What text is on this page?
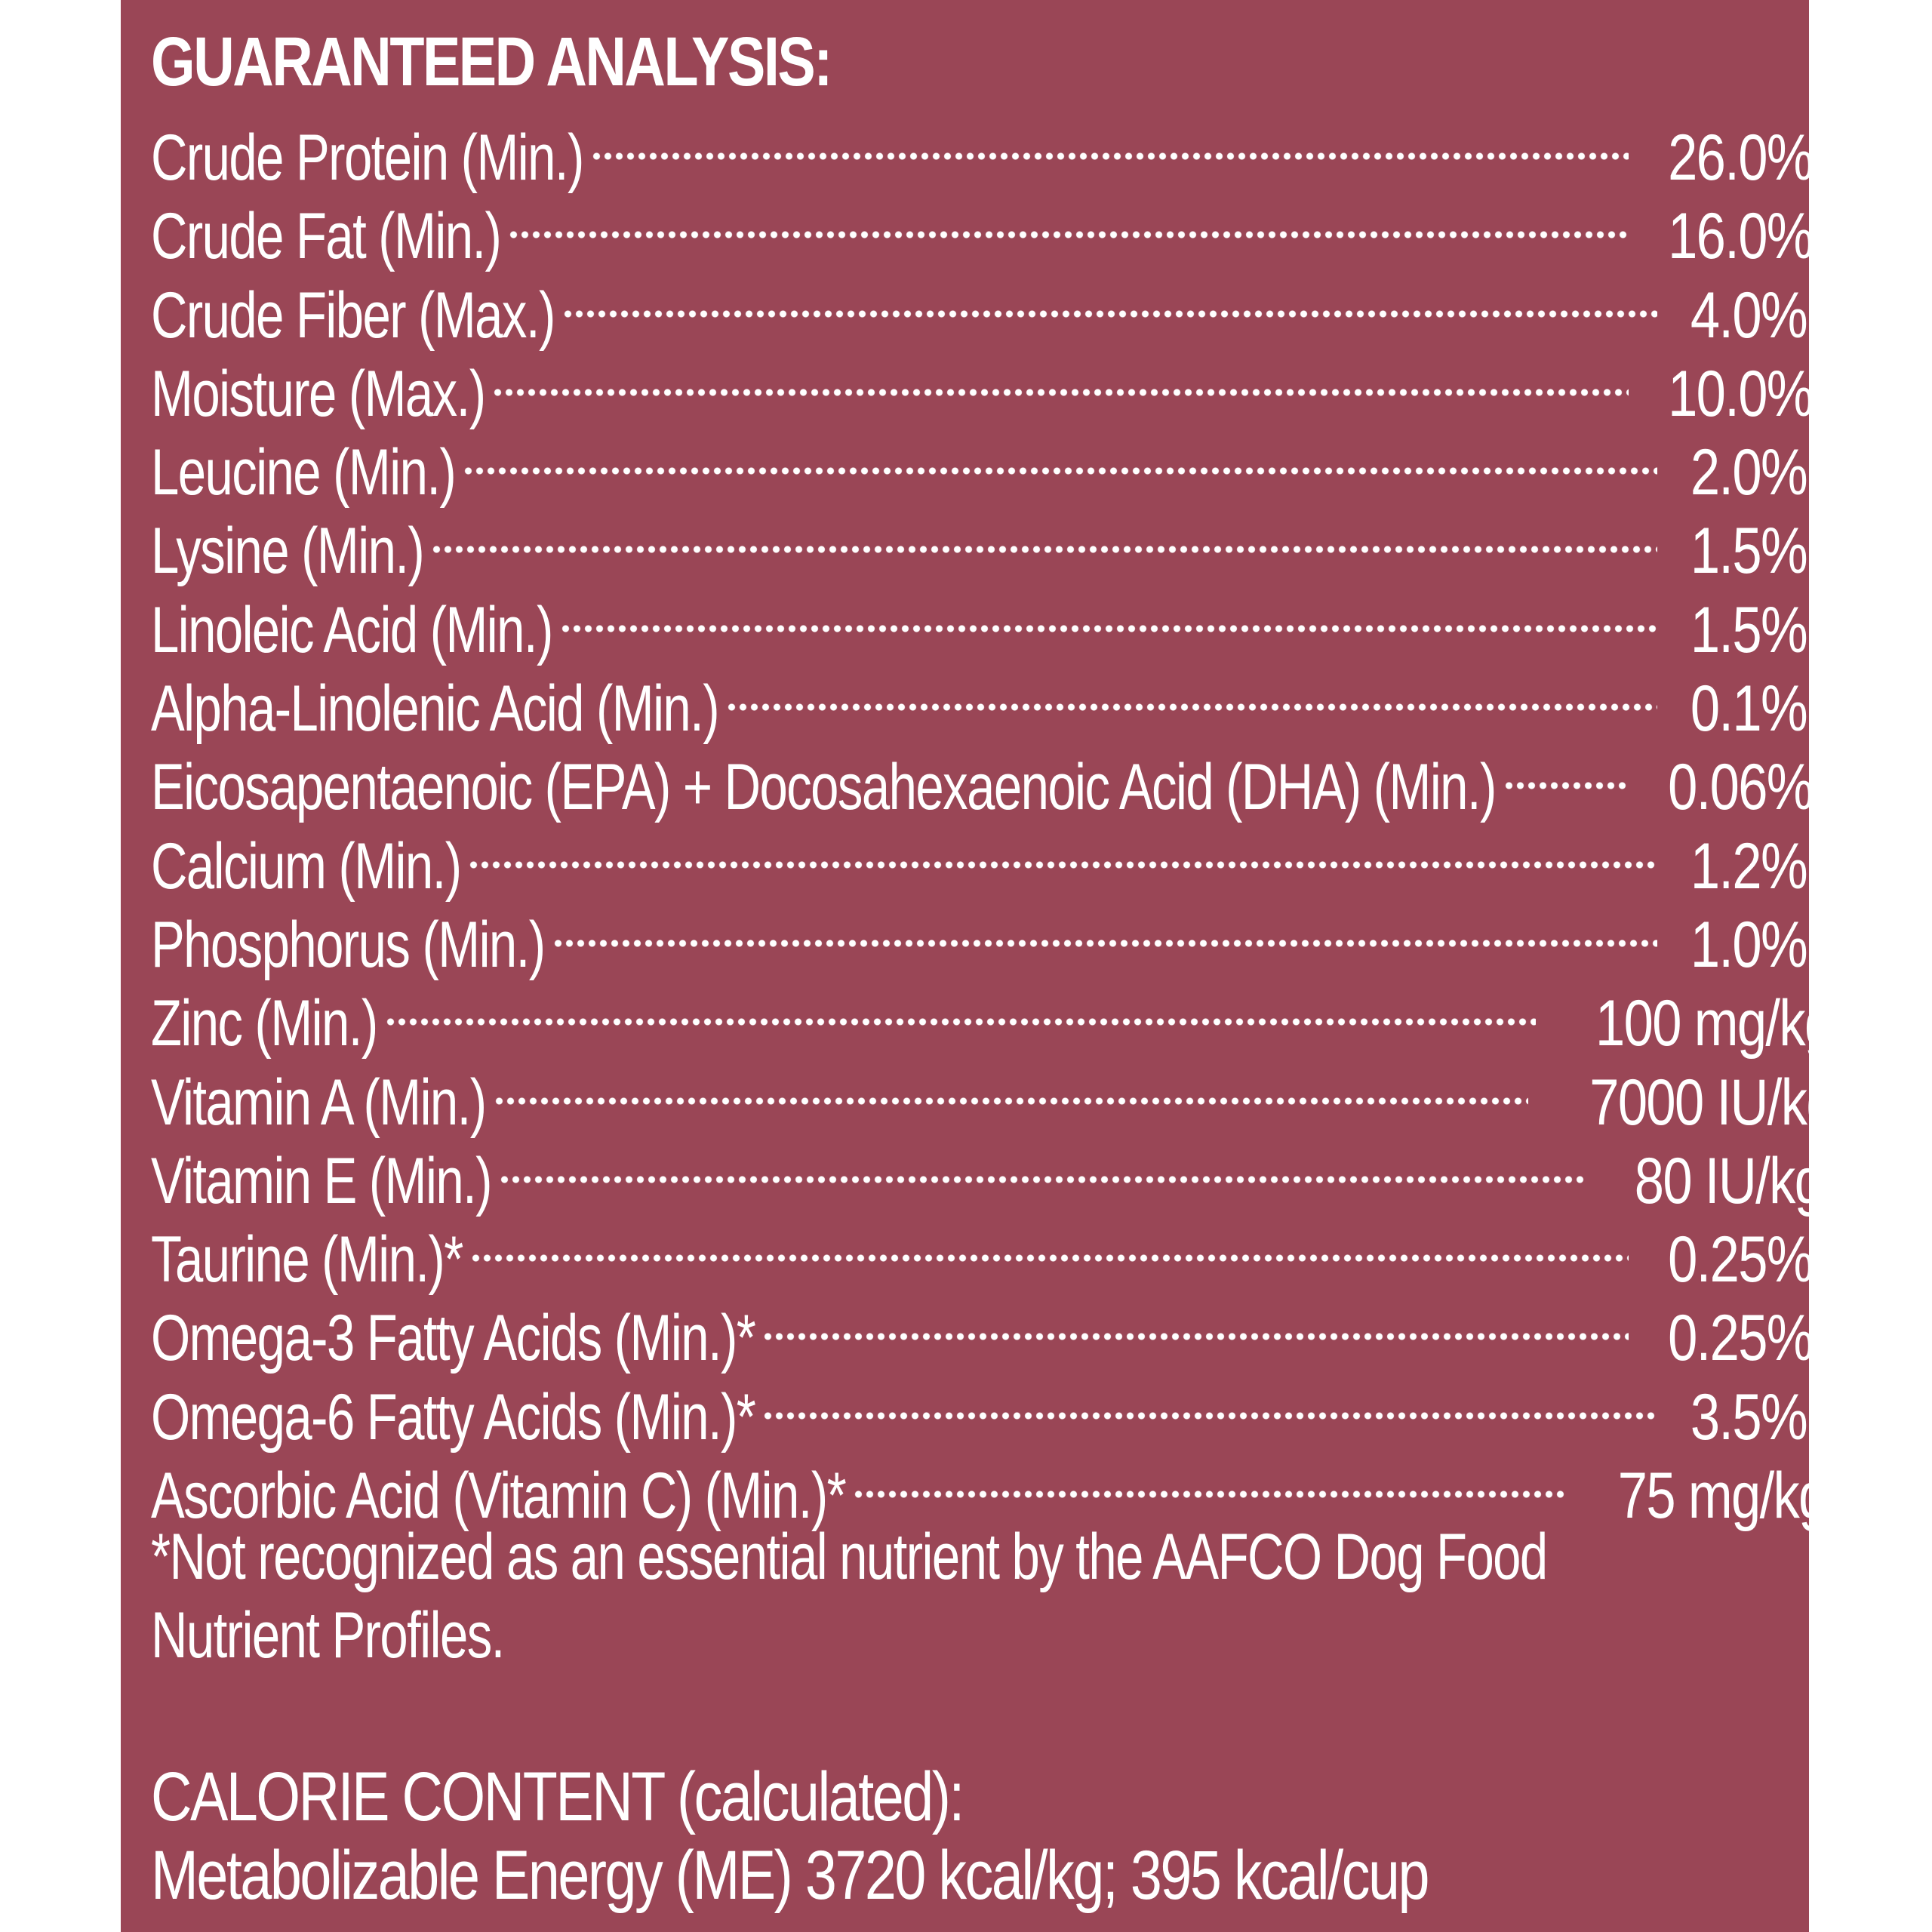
GUARANTEED ANALYSIS:
Crude Protein (Min.)	26.0%
Crude Fat (Min.)	16.0%
Crude Fiber (Max.)	4.0%
Moisture (Max.)	10.0%
Leucine (Min.)	2.0%
Lysine (Min.)	1.5%
Linoleic Acid (Min.)	1.5%
Alpha-Linolenic Acid (Min.)	0.1%
Eicosapentaenoic (EPA) + Docosahexaenoic Acid (DHA) (Min.)	0.06%
Calcium (Min.)	1.2%
Phosphorus (Min.)	1.0%
Zinc (Min.)	100 mg/kg
Vitamin A (Min.)	7000 IU/kg
Vitamin E (Min.)	80 IU/kg
Taurine (Min.)*	0.25%
Omega-3 Fatty Acids (Min.)*	0.25%
Omega-6 Fatty Acids (Min.)*	3.5%
Ascorbic Acid (Vitamin C) (Min.)*	75 mg/kg
*Not recognized as an essential nutrient by the AAFCO Dog Food
Nutrient Profiles.
CALORIE CONTENT (calculated):
Metabolizable Energy (ME) 3720 kcal/kg; 395 kcal/cup
